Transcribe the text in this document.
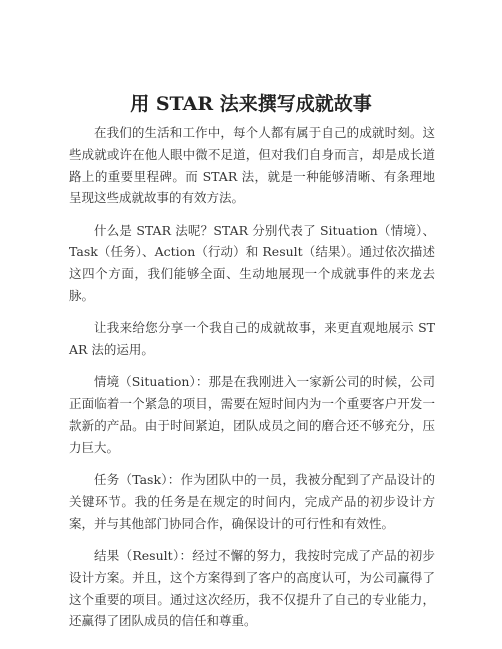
用 STAR 法来撰写成就故事

在我们的生活和工作中，每个人都有属于自己的成就时刻。这些成就或许在他人眼中微不足道，但对我们自身而言，却是成长道路上的重要里程碑。而 STAR 法，就是一种能够清晰、有条理地呈现这些成就故事的有效方法。

什么是 STAR 法呢？STAR 分别代表了 Situation（情境）、Task（任务）、Action（行动）和 Result（结果）。通过依次描述这四个方面，我们能够全面、生动地展现一个成就事件的来龙去脉。

让我来给您分享一个我自己的成就故事，来更直观地展示 STAR 法的运用。

情境（Situation）：那是在我刚进入一家新公司的时候，公司正面临着一个紧急的项目，需要在短时间内为一个重要客户开发一款新的产品。由于时间紧迫，团队成员之间的磨合还不够充分，压力巨大。

任务（Task）：作为团队中的一员，我被分配到了产品设计的关键环节。我的任务是在规定的时间内，完成产品的初步设计方案，并与其他部门协同合作，确保设计的可行性和有效性。

结果（Result）：经过不懈的努力，我按时完成了产品的初步设计方案。并且，这个方案得到了客户的高度认可，为公司赢得了这个重要的项目。通过这次经历，我不仅提升了自己的专业能力，还赢得了团队成员的信任和尊重。
